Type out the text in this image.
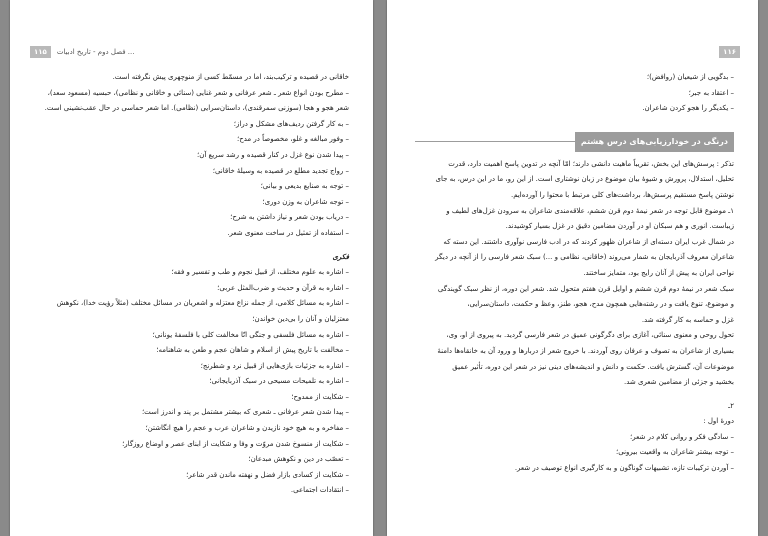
۱۱۵	فصل دوم - تاریخ ادبیات ...
خاقانی در قصیده و ترکیب‌بند، اما در مسمّط کسی از منوچهری پیش نگرفته است.
– مطرح بودن انواع شعر ـ شعر عرفانی و شعر غنایی (سنائی و خاقانی و نظامی)، حبسیه (مسعود سعد)،
شعر هجو و هجا (سوزنی سمرقندی)، داستان‌سرایی (نظامی). اما شعر حماسی در حال عقب‌نشینی است.
– به کار گرفتن ردیف‌های مشکل و دراز؛
– وفور مبالغه و غلو، مخصوصاً در مدح؛
– پیدا شدن نوع غزل در کنار قصیده و رشد سریع آن؛
– رواج تجدید مطلع در قصیده به وسیلهٔ خاقانی؛
– توجه به صنایع بدیعی و بیانی؛
– توجه شاعران به وزن دوری؛
– دریاب بودن شعر و نیاز داشتن به شرح؛
– استفاده از تمثیل در ساخت معنوی شعر.
فکری
– اشاره به علوم مختلف، از قبیل نجوم و طب و تفسیر و فقه؛
– اشاره به قرآن و حدیث و ضرب‌المثل عربی؛
– اشاره به مسائل کلامی، از جمله نزاع معتزله و اشعریان در مسائل مختلف (مثلاً رؤیت خدا)، نکوهش
معتزلیان و آنان را بی‌دین خواندن؛
– اشاره به مسائل فلسفی و جنگی انّا مخالفت کلی با فلسفهٔ یونانی؛
– مخالفت با تاریخ پیش از اسلام و شاهان عجم و طعن به شاهنامه؛
– اشاره به جزئیات بازی‌هایی از قبیل نرد و شطرنج؛
– اشاره به تلمیحات مسیحی در سبک آذربایجانی؛
– شکایت از ممدوح؛
– پیدا شدن شعر عرفانی ـ شعری که بیشتر مشتمل بر پند و اندرز است؛
– مفاخره و به هیچ خود نازیدن و شاعران عرب و عجم را هیچ انگاشتن؛
– شکایت از منسوخ شدن مروّت و وفا و شکایت از ابنای عصر و اوضاع روزگار؛
– تعصّب در دین و نکوهش مبدعان؛
– شکایت از کسادی بازار فضل و نهفته ماندن قدر شاعر؛
– انتقادات اجتماعی.
۱۱۶
– بدگویی از شیعیان (روافض)؛
– اعتقاد به جبر؛
– یکدیگر را هجو کردن شاعران.
درنگی در خودارزیابی‌های درس هشتم
تذکر : پرسش‌های این بخش، تقریباً ماهیت دانشی دارند؛ امّا آنچه در تدوین پاسخ اهمیت دارد، قدرت
تحلیل، استدلال، پرورش و شیوهٔ بیان موضوع در زبان نوشتاری است. از این رو، ما در این درس، به جای
نوشتن پاسخ مستقیم پرسش‌ها، برداشت‌های کلی مرتبط با محتوا را آورده‌ایم.
۱ـ موضوع قابل توجه در شعر نیمهٔ دوم قرن ششم، علاقه‌مندی شاعران به سرودن غزل‌های لطیف و
زیباست. انوری و هم سبکان او در آوردن مضامین دقیق در غزل بسیار کوشیدند.
در شمال غرب ایران دسته‌ای از شاعران ظهور کردند که در ادب فارسی نوآوری داشتند. این دسته که
شاعران معروف آذربایجان به شمار می‌روند (خاقانی، نظامی و ...) سبک شعر فارسی را از آنچه در دیگر
نواحی ایران به پیش از آنان رایج بود، متمایز ساختند.
سبک شعر در نیمهٔ دوم قرن ششم و اوایل قرن هفتم متحول شد. شعر این دوره، از نظر سبک گویندگی
و موضوع، تنوع یافت و در رشته‌هایی همچون مدح، هجو، طنز، وعظ و حکمت، داستان‌سرایی،
غزل و حماسه به کار گرفته شد.
تحول روحی و معنوی سنائی، آغازی برای دگرگونی عمیق در شعر فارسی گردید. به پیروی از او، وی،
بسیاری از شاعران به تصوف و عرفان روی آوردند. با خروج شعر از دربارها و ورود آن به خانقاه‌ها دامنهٔ
موضوعات آن، گسترش یافت. حکمت و دانش و اندیشه‌های دینی نیز در شعر این دوره، تأثیر عمیق
بخشید و جزئی از مضامین شعری شد.
۲ـ
دورهٔ اول :
– سادگی فکر و روانی کلام در شعر؛
– توجه بیشتر شاعران به واقعیت بیرونی؛
– آوردن ترکیبات تازه، تشبیهات گوناگون و به کارگیری انواع توصیف در شعر.
